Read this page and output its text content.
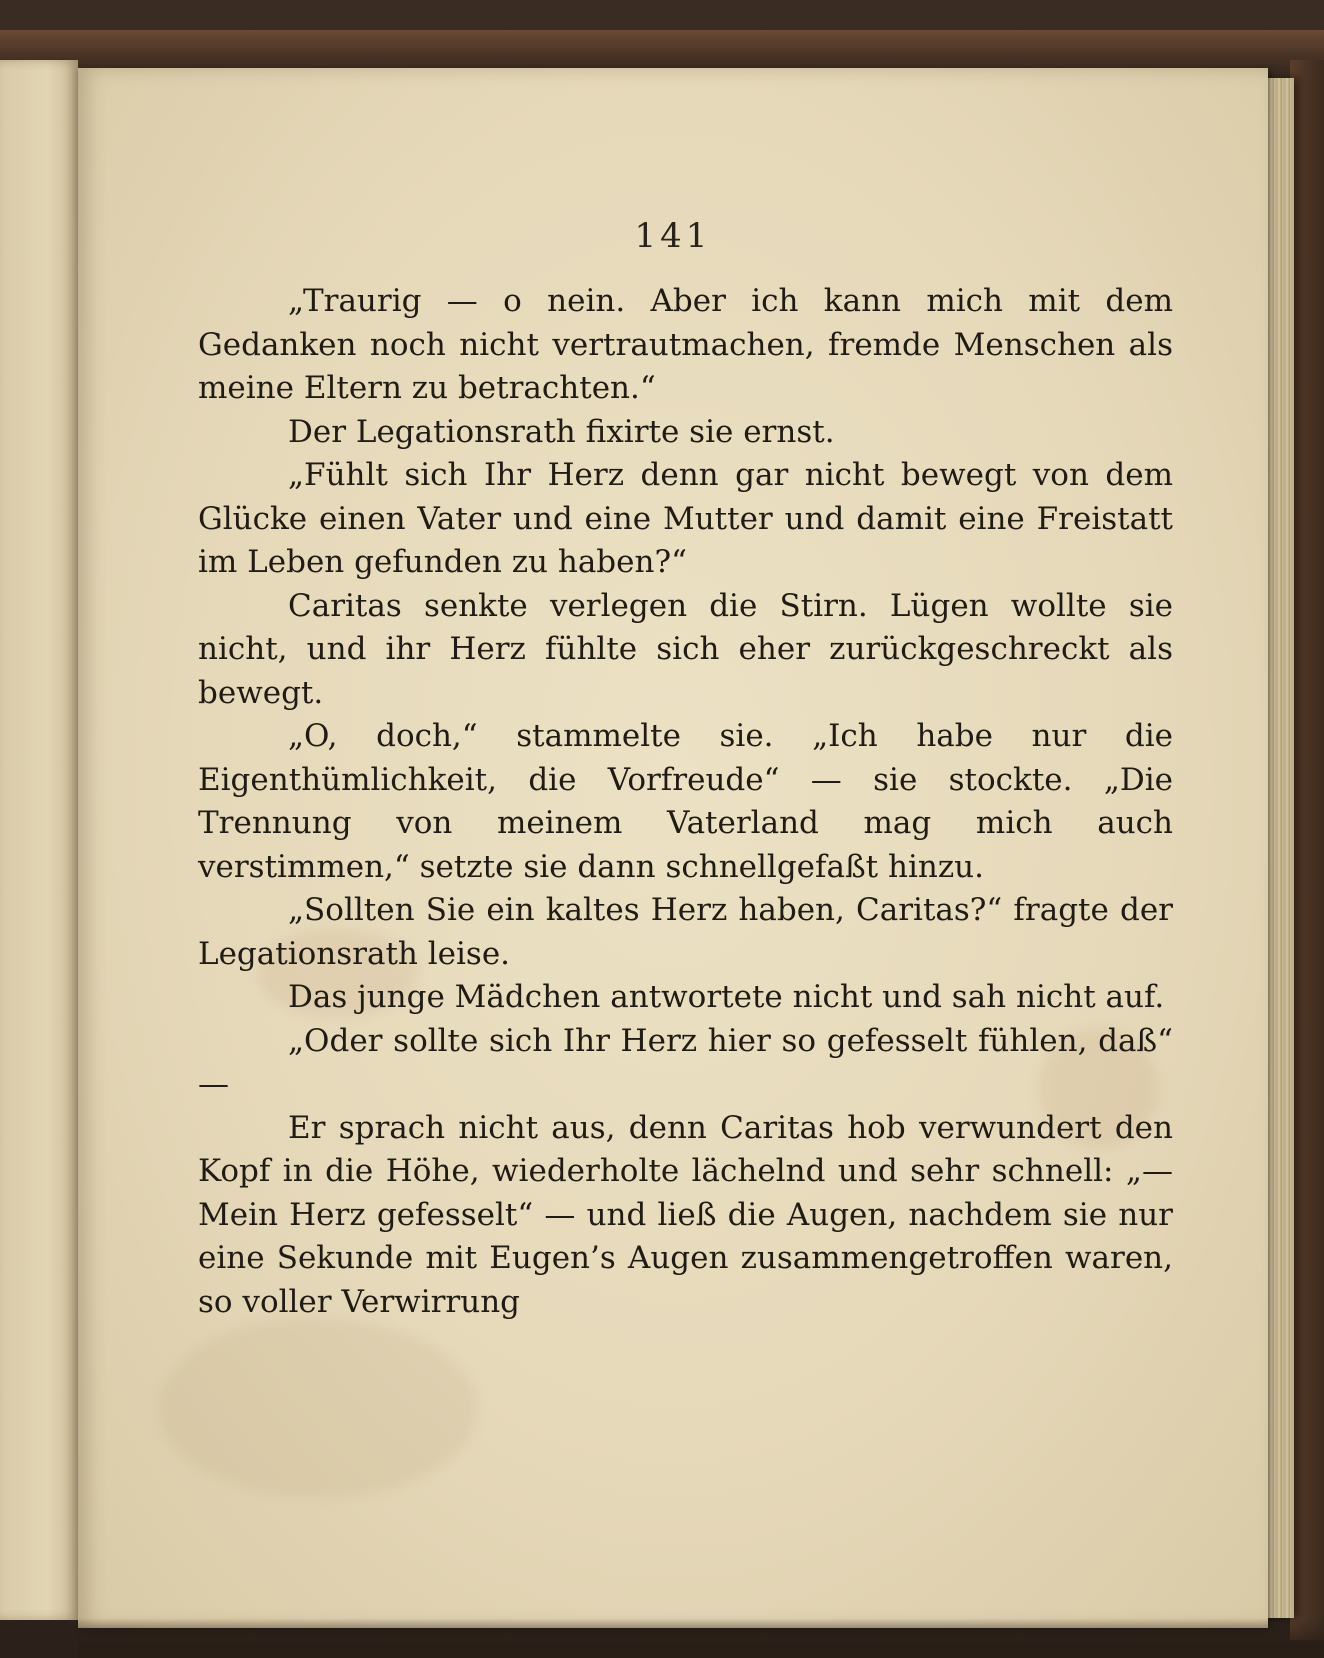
141

„Traurig — o nein. Aber ich kann mich mit dem Gedanken noch nicht vertrautmachen, fremde Menschen als meine Eltern zu betrachten.“

Der Legationsrath fixirte sie ernst.

„Fühlt sich Ihr Herz denn gar nicht bewegt von dem Glücke einen Vater und eine Mutter und damit eine Freistatt im Leben gefunden zu haben?“

Caritas senkte verlegen die Stirn. Lügen wollte sie nicht, und ihr Herz fühlte sich eher zurückgeschreckt als bewegt.

„O, doch,“ stammelte sie. „Ich habe nur die Eigenthümlichkeit, die Vorfreude“ — sie stockte. „Die Trennung von meinem Vaterland mag mich auch verstimmen,“ setzte sie dann schnellgefaßt hinzu.

„Sollten Sie ein kaltes Herz haben, Caritas?“ fragte der Legationsrath leise.

Das junge Mädchen antwortete nicht und sah nicht auf.

„Oder sollte sich Ihr Herz hier so gefesselt fühlen, daß“ —

Er sprach nicht aus, denn Caritas hob verwundert den Kopf in die Höhe, wiederholte lächelnd und sehr schnell: „— Mein Herz gefesselt“ — und ließ die Augen, nachdem sie nur eine Sekunde mit Eugen’s Augen zusammengetroffen waren, so voller Verwirrung
